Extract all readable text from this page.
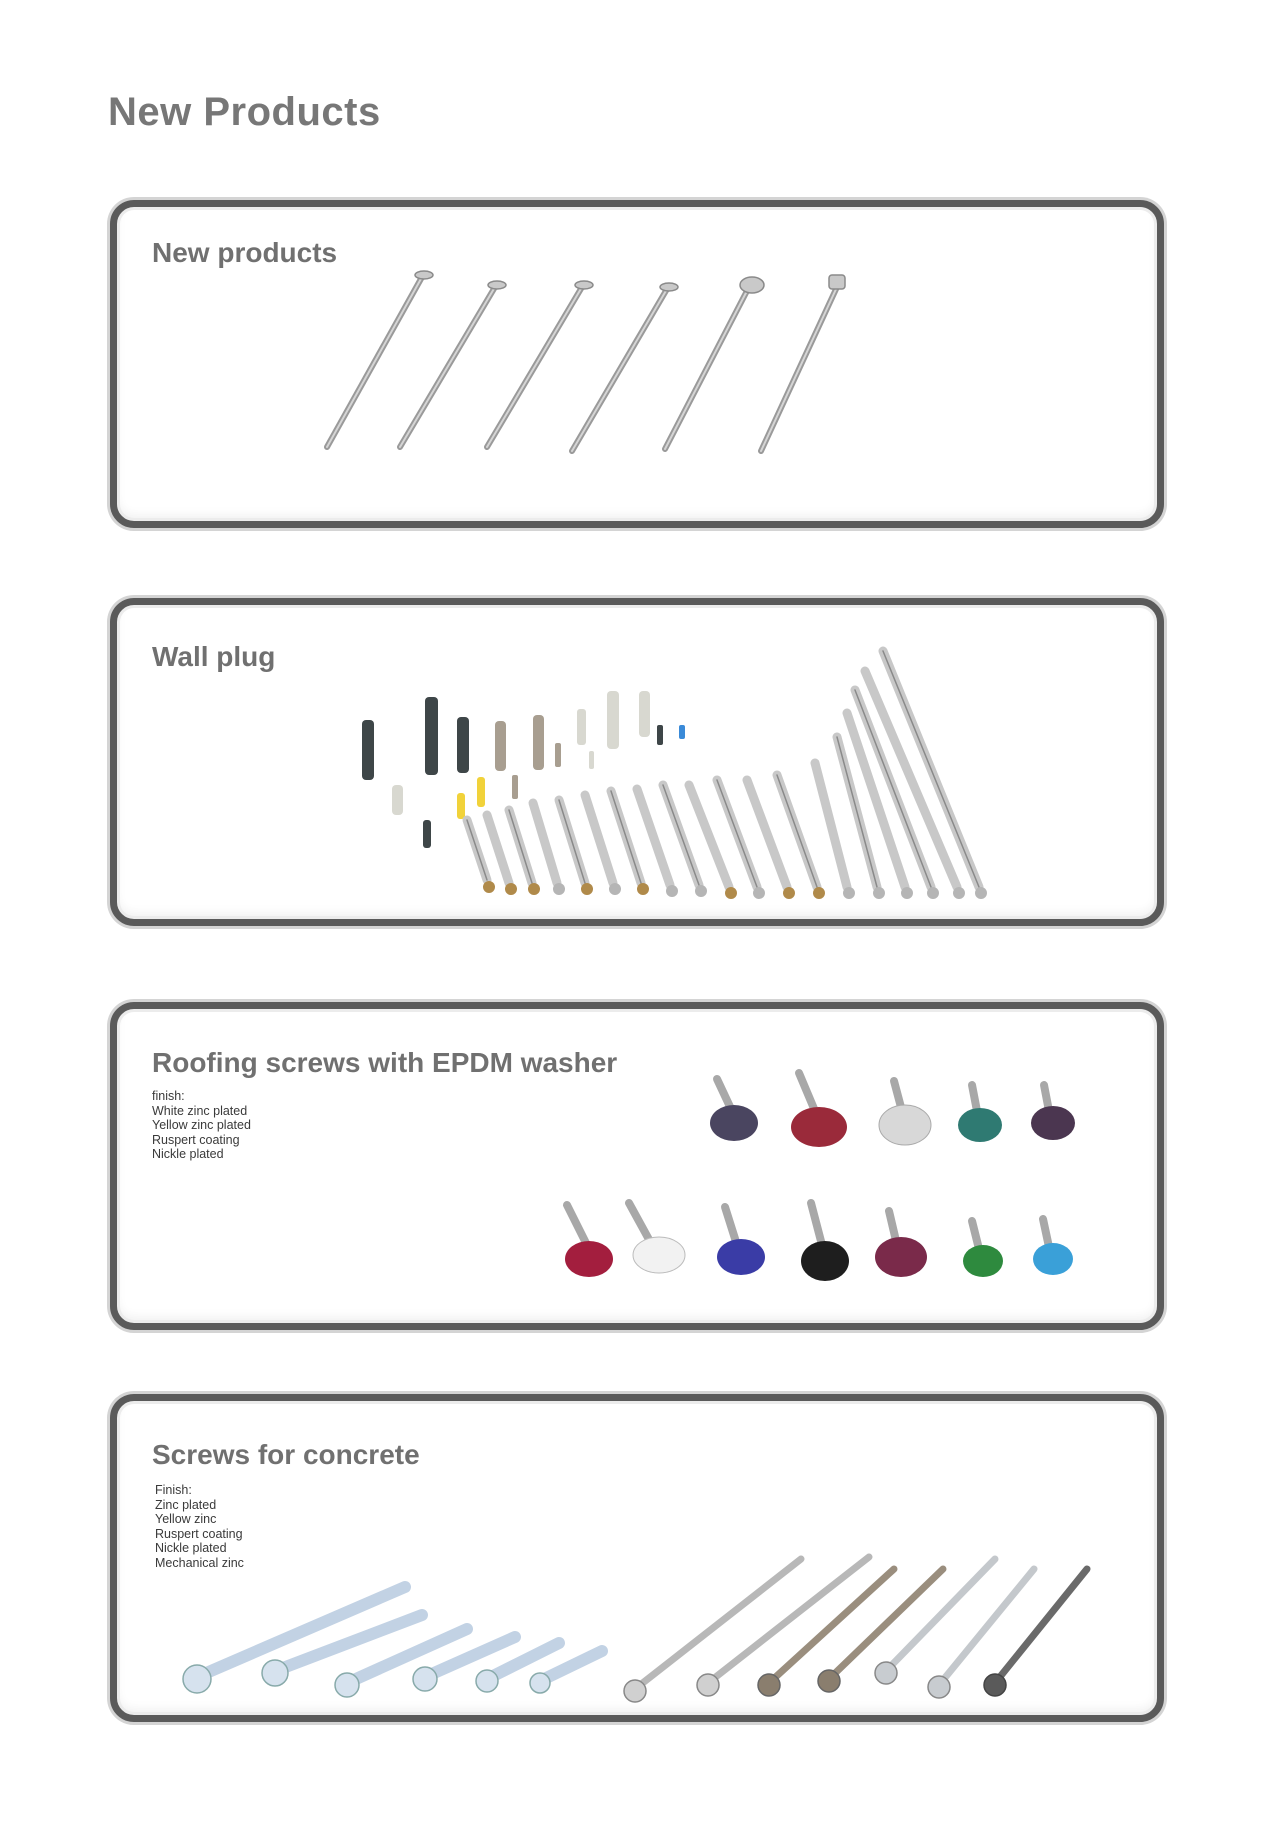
New Products
New products
Wall plug
Roofing screws with EPDM washer
finish:
White zinc plated
Yellow zinc plated
Ruspert coating
Nickle plated
Screws for concrete
Finish:
Zinc plated
Yellow zinc
Ruspert coating
Nickle plated
Mechanical zinc
